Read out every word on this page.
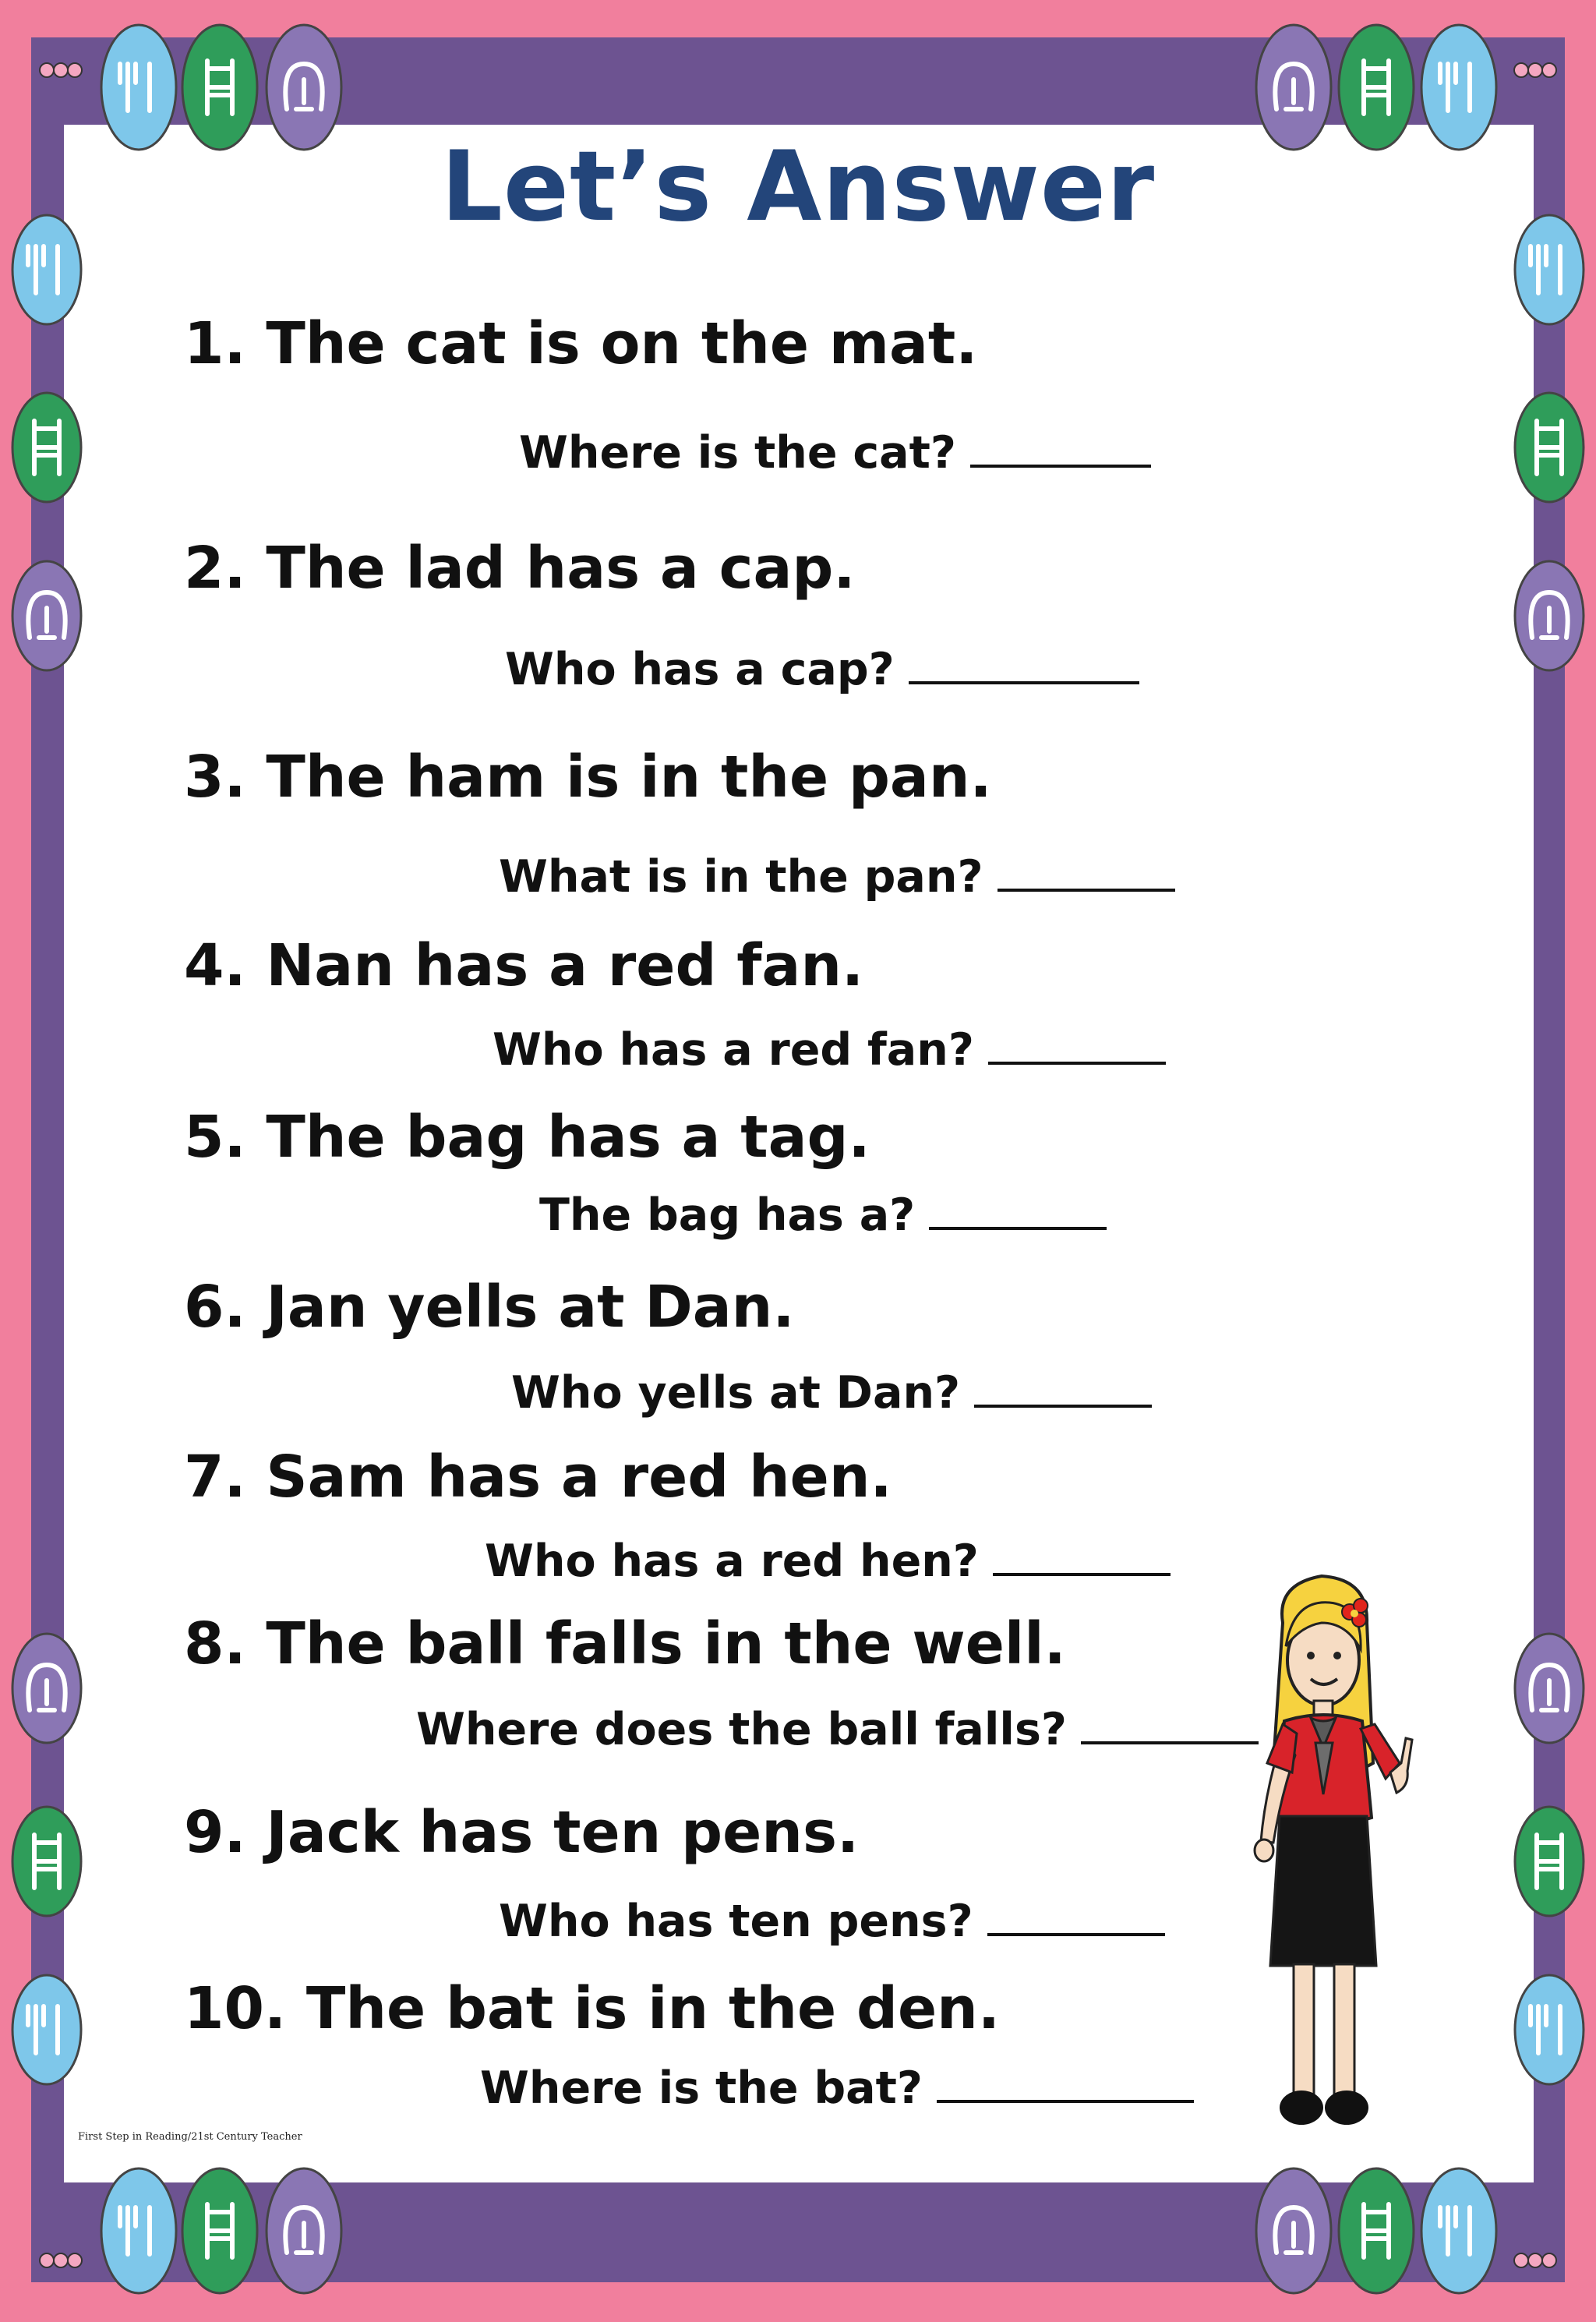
Let’s Answer
1. The cat is on the mat.
Where is the cat?
2. The lad has a cap.
Who has a cap?
3. The ham is in the pan.
What is in the pan?
4. Nan has a red fan.
Who has a red fan?
5. The bag has a tag.
The bag has a?
6. Jan yells at Dan.
Who yells at Dan?
7. Sam has a red hen.
Who has a red hen?
8. The ball falls in the well.
Where does the ball falls?
9. Jack has ten pens.
Who has ten pens?
10. The bat is in the den.
Where is the bat?
First Step in Reading/21st Century Teacher
